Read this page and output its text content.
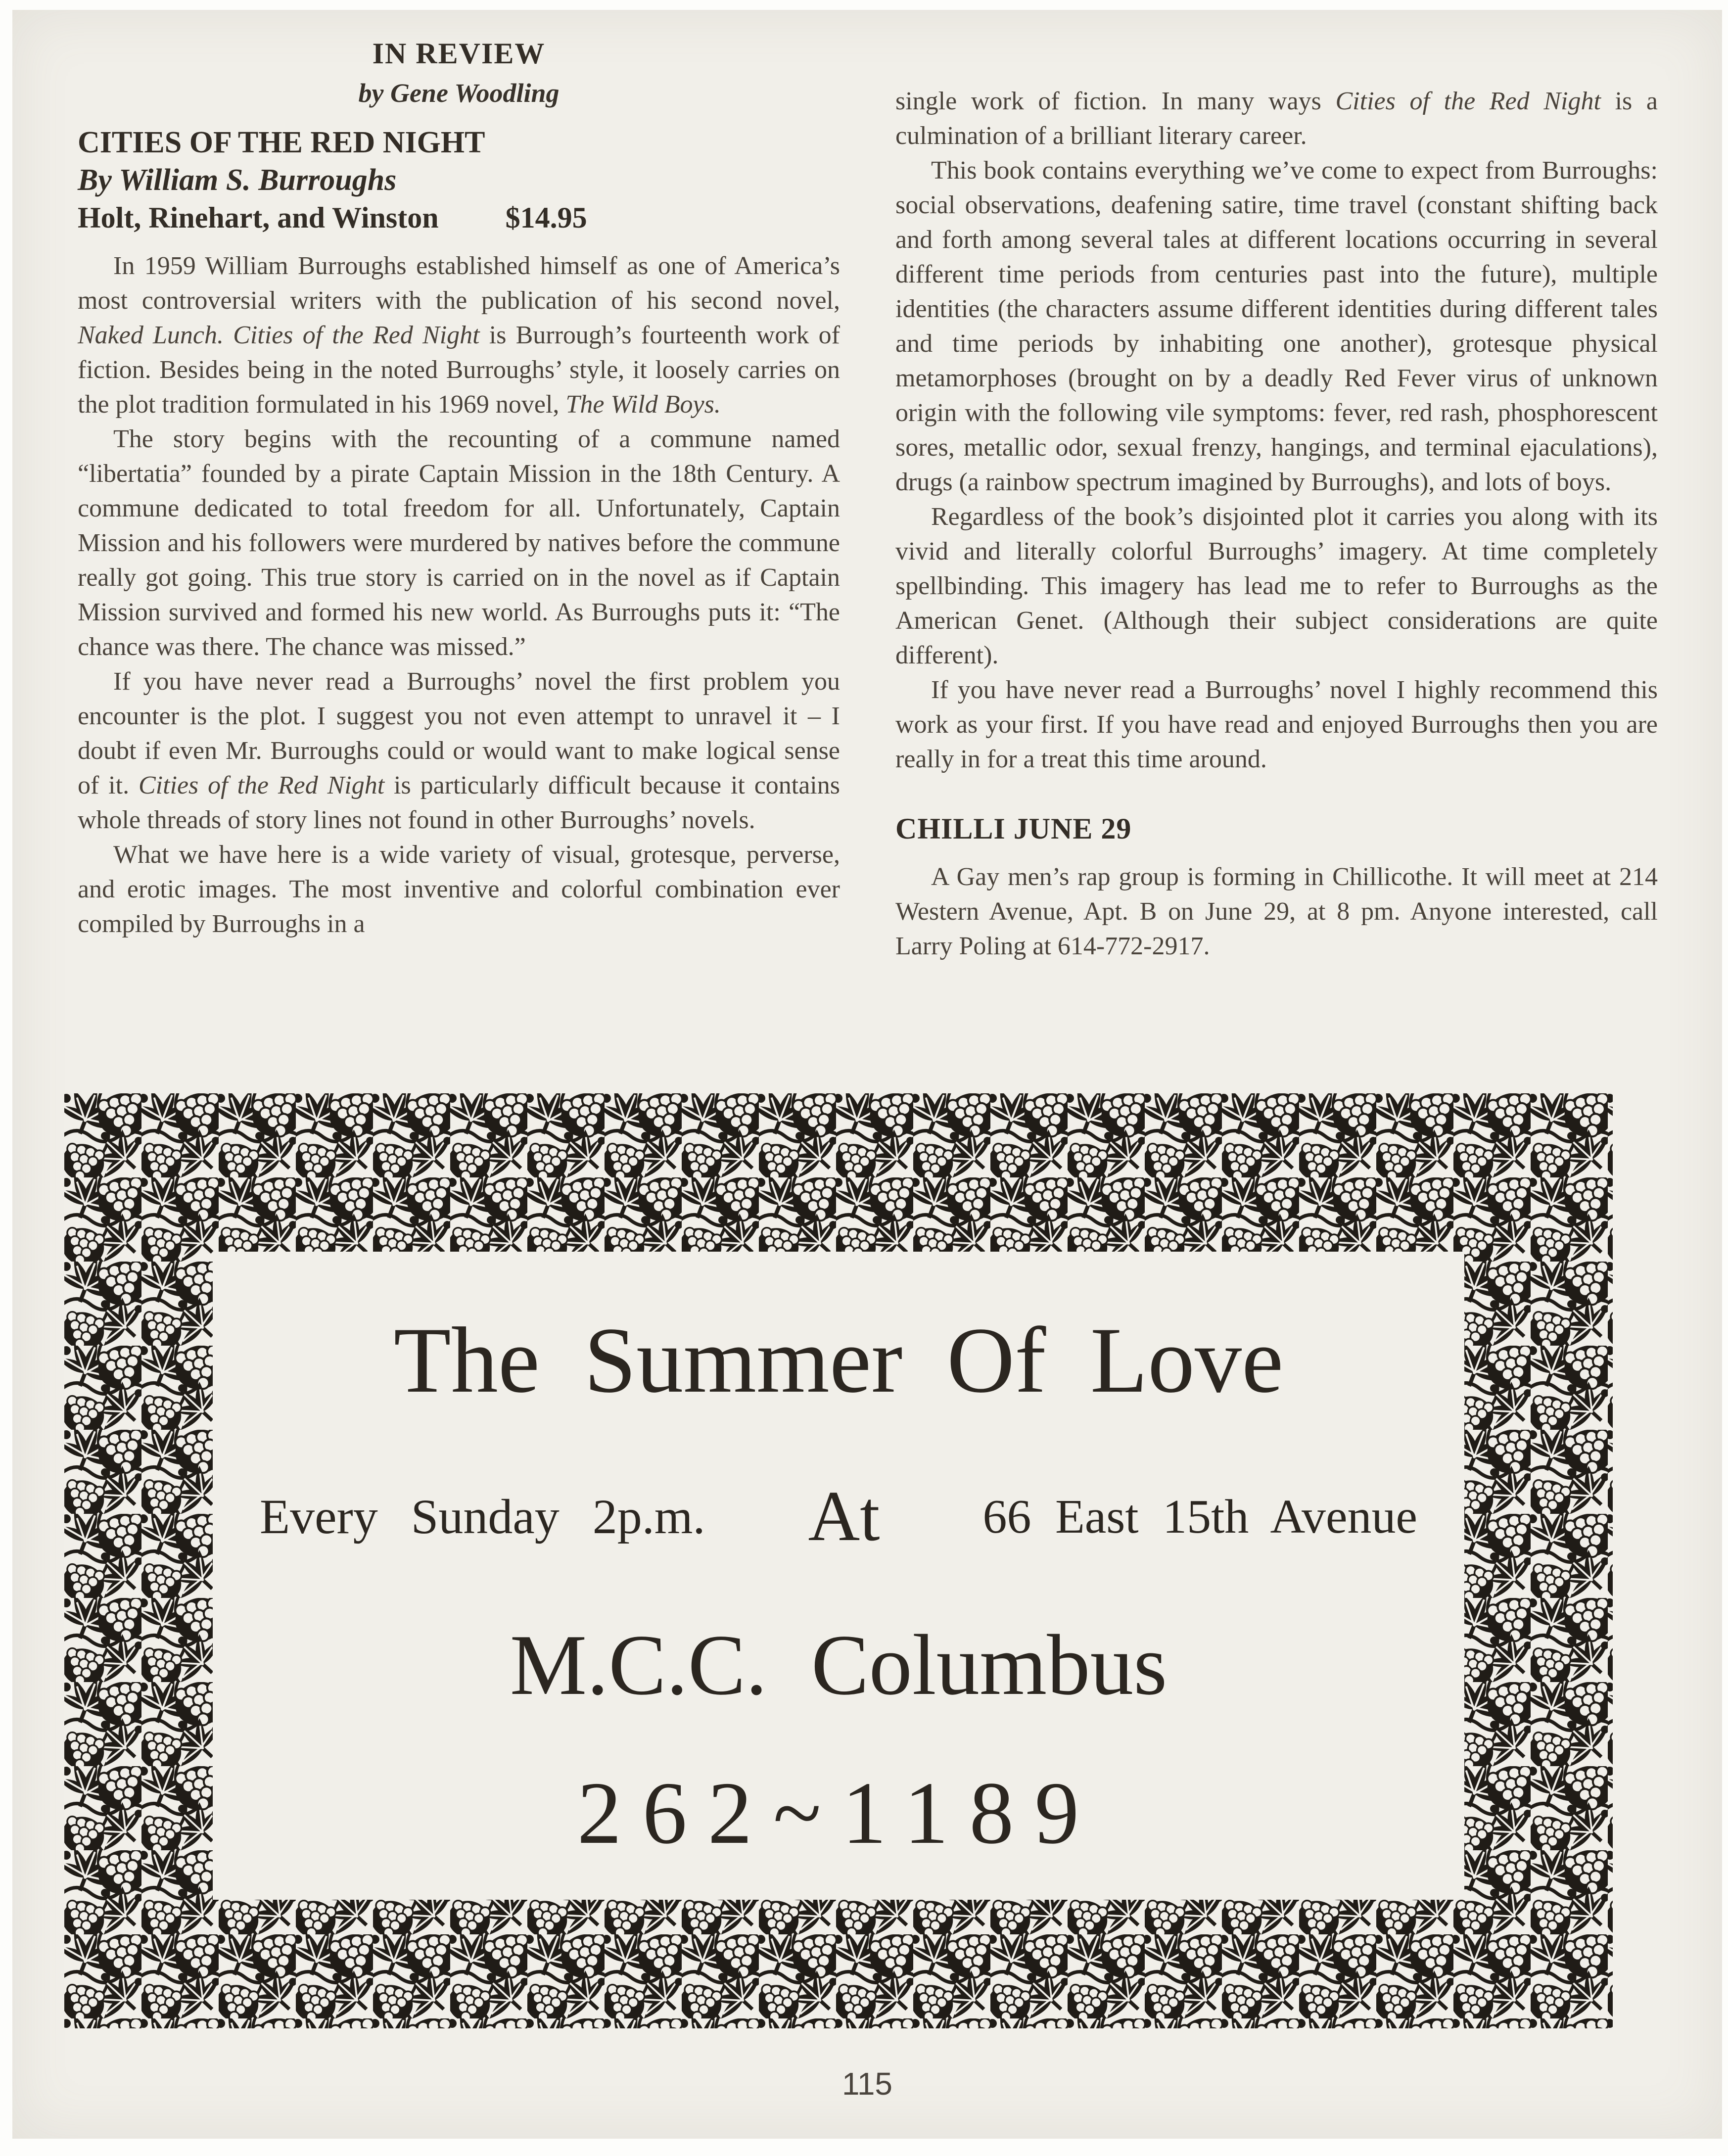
IN REVIEW
by Gene Woodling
CITIES OF THE RED NIGHT
By William S. Burroughs
Holt, Rinehart, and Winston $14.95

In 1959 William Burroughs established himself as one of America’s most controversial writers with the publication of his second novel, Naked Lunch. Cities of the Red Night is Burrough’s fourteenth work of fiction. Besides being in the noted Burroughs’ style, it loosely carries on the plot tradition formulated in his 1969 novel, The Wild Boys.

The story begins with the recounting of a commune named “libertatia” founded by a pirate Captain Mission in the 18th Century. A commune dedicated to total freedom for all. Unfortunately, Captain Mission and his followers were murdered by natives before the commune really got going. This true story is carried on in the novel as if Captain Mission survived and formed his new world. As Burroughs puts it: “The chance was there. The chance was missed.”

If you have never read a Burroughs’ novel the first problem you encounter is the plot. I suggest you not even attempt to unravel it – I doubt if even Mr. Burroughs could or would want to make logical sense of it. Cities of the Red Night is particularly difficult because it contains whole threads of story lines not found in other Burroughs’ novels.

What we have here is a wide variety of visual, grotesque, perverse, and erotic images. The most inventive and colorful combination ever compiled by Burroughs in a

single work of fiction. In many ways Cities of the Red Night is a culmination of a brilliant literary career.

This book contains everything we’ve come to expect from Burroughs: social observations, deafening satire, time travel (constant shifting back and forth among several tales at different locations occurring in several different time periods from centuries past into the future), multiple identities (the characters assume different identities during different tales and time periods by inhabiting one another), grotesque physical metamorphoses (brought on by a deadly Red Fever virus of unknown origin with the following vile symptoms: fever, red rash, phosphorescent sores, metallic odor, sexual frenzy, hangings, and terminal ejaculations), drugs (a rainbow spectrum imagined by Burroughs), and lots of boys.

Regardless of the book’s disjointed plot it carries you along with its vivid and literally colorful Burroughs’ imagery. At time completely spellbinding. This imagery has lead me to refer to Burroughs as the American Genet. (Although their subject considerations are quite different).

If you have never read a Burroughs’ novel I highly recommend this work as your first. If you have read and enjoyed Burroughs then you are really in for a treat this time around.

CHILLI JUNE 29

A Gay men’s rap group is forming in Chillicothe. It will meet at 214 Western Avenue, Apt. B on June 29, at 8 pm. Anyone interested, call Larry Poling at 614-772-2917.

The Summer Of Love
Every Sunday 2p.m. At 66 East 15th Avenue
M.C.C. Columbus
262~1189
115
